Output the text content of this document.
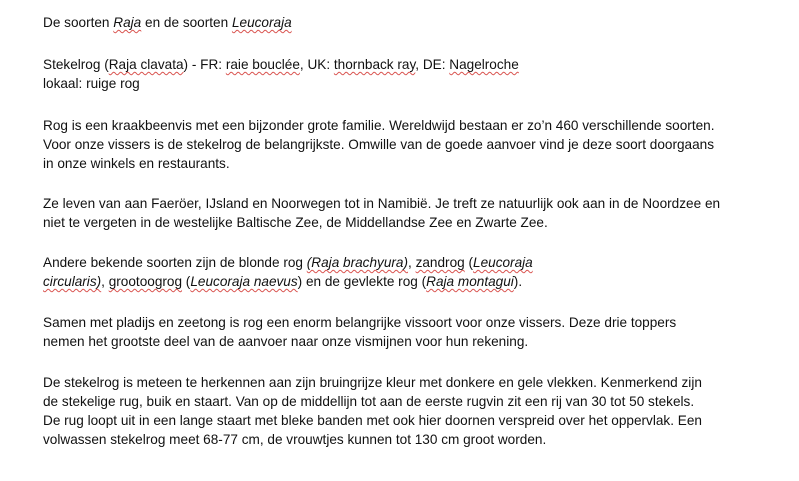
De soorten Raja en de soorten Leucoraja
Stekelrog (Raja clavata) - FR: raie bouclée, UK: thornback ray, DE: Nagelroche
lokaal: ruige rog
Rog is een kraakbeenvis met een bijzonder grote familie. Wereldwijd bestaan er zo’n 460 verschillende soorten.
Voor onze vissers is de stekelrog de belangrijkste. Omwille van de goede aanvoer vind je deze soort doorgaans
in onze winkels en restaurants.
Ze leven van aan Faeröer, IJsland en Noorwegen tot in Namibië. Je treft ze natuurlijk ook aan in de Noordzee en
niet te vergeten in de westelijke Baltische Zee, de Middellandse Zee en Zwarte Zee.
Andere bekende soorten zijn de blonde rog (Raja brachyura), zandrog (Leucoraja
circularis), grootoogrog (Leucoraja naevus) en de gevlekte rog (Raja montagui).
Samen met pladijs en zeetong is rog een enorm belangrijke vissoort voor onze vissers. Deze drie toppers
nemen het grootste deel van de aanvoer naar onze vismijnen voor hun rekening.
De stekelrog is meteen te herkennen aan zijn bruingrijze kleur met donkere en gele vlekken. Kenmerkend zijn
de stekelige rug, buik en staart. Van op de middellijn tot aan de eerste rugvin zit een rij van 30 tot 50 stekels.
De rug loopt uit in een lange staart met bleke banden met ook hier doornen verspreid over het oppervlak. Een
volwassen stekelrog meet 68-77 cm, de vrouwtjes kunnen tot 130 cm groot worden.
